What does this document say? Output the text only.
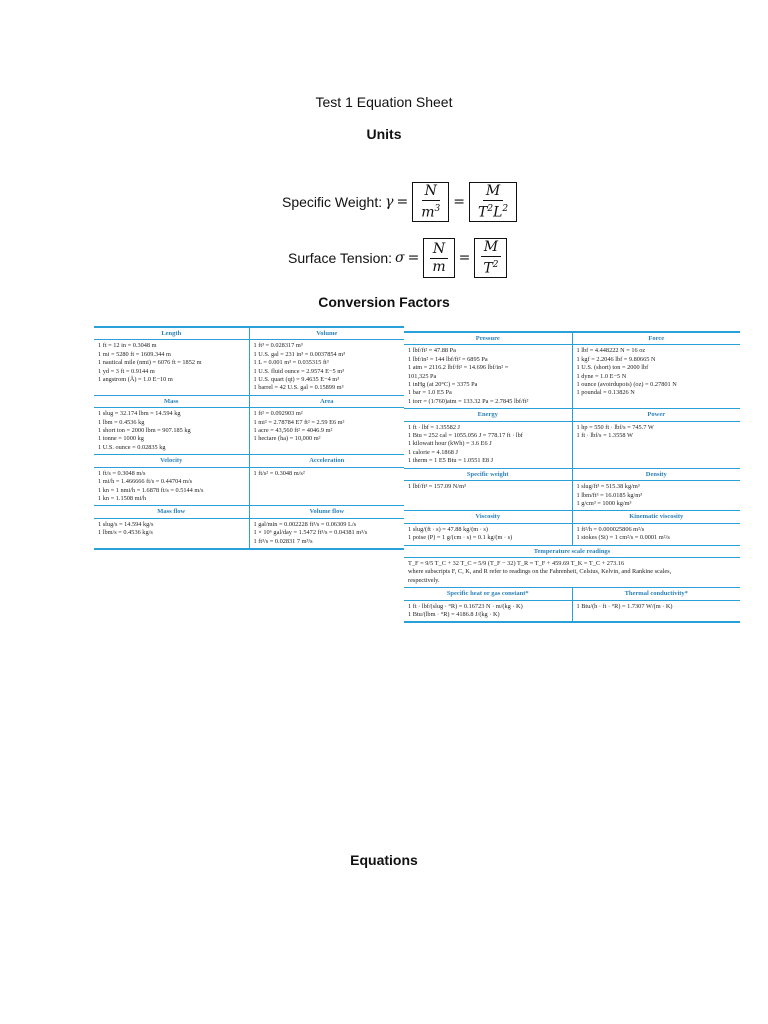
Test 1 Equation Sheet
Units
Specific Weight: $\gamma = \frac{N}{m^3} = \frac{M}{T^2L^2}$
Surface Tension: $\sigma = \frac{N}{m} = \frac{M}{T^2}$
Conversion Factors
Length
1 ft = 12 in = 0.3048 m
1 mi = 5280 ft = 1609.344 m
1 nautical mile (nmi) = 6076 ft = 1852 m
1 yd = 3 ft = 0.9144 m
1 angstrom (Å) = 1.0 E−10 m
Volume
1 ft³ = 0.028317 m³
1 U.S. gal = 231 in³ = 0.0037854 m³
1 L = 0.001 m³ = 0.035315 ft³
1 U.S. fluid ounce = 2.9574 E−5 m³
1 U.S. quart (qt) = 9.4635 E−4 m³
1 barrel = 42 U.S. gal = 0.15899 m³
Mass
1 slug = 32.174 lbm = 14.594 kg
1 lbm = 0.4536 kg
1 short ton = 2000 lbm = 907.185 kg
1 tonne = 1000 kg
1 U.S. ounce = 0.02835 kg
Area
1 ft² = 0.092903 m²
1 mi² = 2.78784 E7 ft² = 2.59 E6 m²
1 acre = 43,560 ft² = 4046.9 m²
1 hectare (ha) = 10,000 m²
Velocity
1 ft/s = 0.3048 m/s
1 mi/h = 1.466666 ft/s = 0.44704 m/s
1 kn = 1 nmi/h = 1.6878 ft/s = 0.5144 m/s
1 kn = 1.1508 mi/h
Acceleration
1 ft/s² = 0.3048 m/s²
Mass flow
1 slug/s = 14.594 kg/s
1 lbm/s = 0.4536 kg/s
Volume flow
1 gal/min = 0.002228 ft³/s = 0.06309 L/s
1 × 10⁶ gal/day = 1.5472 ft³/s = 0.04381 m³/s
1 ft³/s = 0.02831 7 m³/s
Pressure
1 lbf/ft² = 47.88 Pa
1 lbf/in² = 144 lbf/ft² = 6895 Pa
1 atm = 2116.2 lbf/ft² = 14.696 lbf/in² =
101,325 Pa
1 inHg (at 20°C) = 3375 Pa
1 bar = 1.0 E5 Pa
1 torr = (1/760)atm = 133.32 Pa = 2.7845 lbf/ft²
Force
1 lbf = 4.448222 N = 16 oz
1 kgf = 2.2046 lbf = 9.80665 N
1 U.S. (short) ton = 2000 lbf
1 dyne = 1.0 E−5 N
1 ounce (avoirdupois) (oz) = 0.27801 N
1 poundal = 0.13826 N
Energy
1 ft · lbf = 1.35582 J
1 Btu = 252 cal = 1055.056 J = 778.17 ft · lbf
1 kilowatt hour (kWh) = 3.6 E6 J
1 calorie = 4.1868 J
1 therm = 1 E5 Btu = 1.0551 E8 J
Power
1 hp = 550 ft · lbf/s = 745.7 W
1 ft · lbf/s = 1.3558 W
Specific weight
1 lbf/ft³ = 157.09 N/m³
Density
1 slug/ft³ = 515.38 kg/m³
1 lbm/ft³ = 16.0185 kg/m³
1 g/cm³ = 1000 kg/m³
Viscosity
1 slug/(ft · s) = 47.88 kg/(m · s)
1 poise (P) = 1 g/(cm · s) = 0.1 kg/(m · s)
Kinematic viscosity
1 ft²/h = 0.000025806 m²/s
1 stokes (St) = 1 cm²/s = 0.0001 m²/s
Temperature scale readings
T_F = 9/5 T_C + 32 T_C = 5/9 (T_F − 32) T_R = T_F + 459.69 T_K = T_C + 273.16
where subscripts F, C, K, and R refer to readings on the Fahrenheit, Celsius, Kelvin, and Rankine scales,
respectively.
Specific heat or gas constant*
1 ft · lbf/(slug · °R) = 0.16723 N · m/(kg · K)
1 Btu/(lbm · °R) = 4186.8 J/(kg · K)
Thermal conductivity*
1 Btu/(h · ft · °R) = 1.7307 W/(m · K)
Equations
